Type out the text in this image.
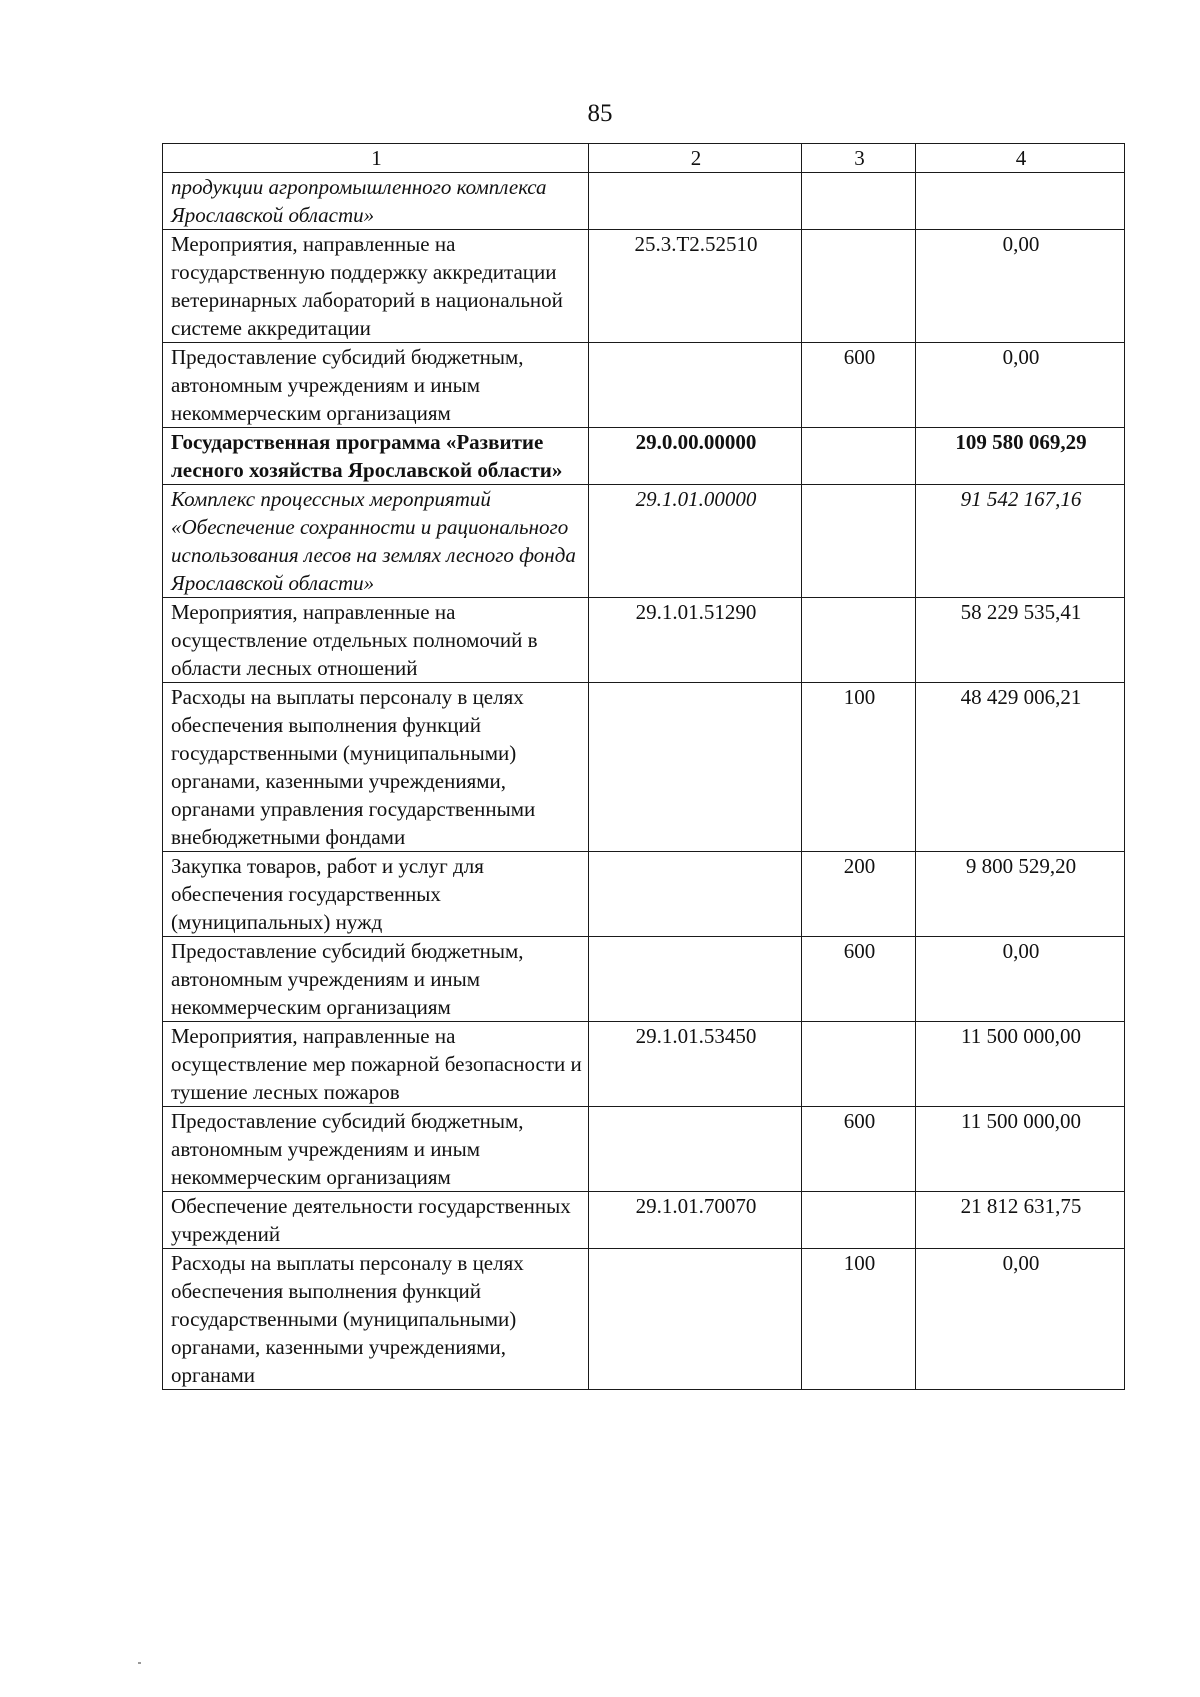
85
1	2	3	4
продукции агропромышленного комплекса Ярославской области»			
Мероприятия, направленные на государственную поддержку аккредитации ветеринарных лабораторий в национальной системе аккредитации	25.3.Т2.52510		0,00
Предоставление субсидий бюджетным, автономным учреждениям и иным некоммерческим организациям		600	0,00
Государственная программа «Развитие лесного хозяйства Ярославской области»	29.0.00.00000		109 580 069,29
Комплекс процессных мероприятий «Обеспечение сохранности и рационального использования лесов на землях лесного фонда Ярославской области»	29.1.01.00000		91 542 167,16
Мероприятия, направленные на осуществление отдельных полномочий в области лесных отношений	29.1.01.51290		58 229 535,41
Расходы на выплаты персоналу в целях обеспечения выполнения функций государственными (муниципальными) органами, казенными учреждениями, органами управления государственными внебюджетными фондами		100	48 429 006,21
Закупка товаров, работ и услуг для обеспечения государственных (муниципальных) нужд		200	9 800 529,20
Предоставление субсидий бюджетным, автономным учреждениям и иным некоммерческим организациям		600	0,00
Мероприятия, направленные на осуществление мер пожарной безопасности и тушение лесных пожаров	29.1.01.53450		11 500 000,00
Предоставление субсидий бюджетным, автономным учреждениям и иным некоммерческим организациям		600	11 500 000,00
Обеспечение деятельности государственных учреждений	29.1.01.70070		21 812 631,75
Расходы на выплаты персоналу в целях обеспечения выполнения функций государственными (муниципальными) органами, казенными учреждениями, органами		100	0,00
